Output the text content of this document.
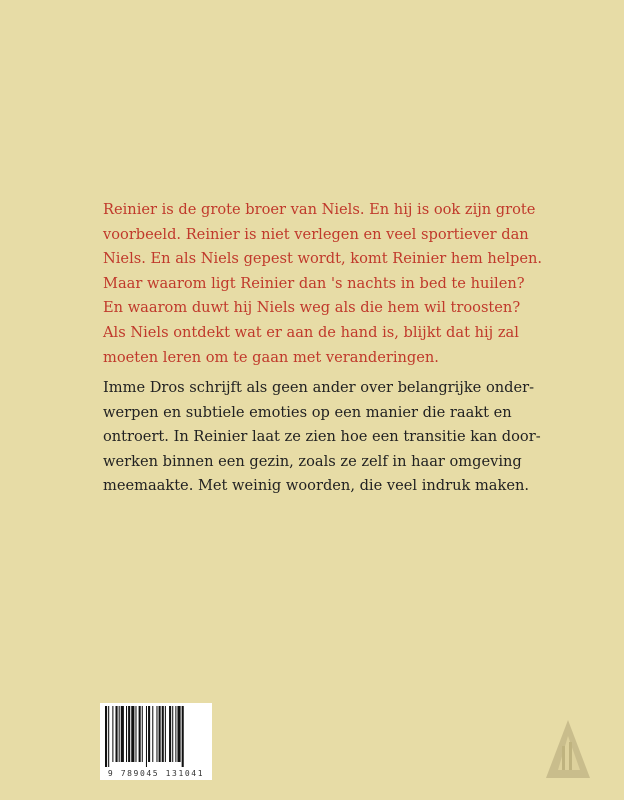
Reinier is de grote broer van Niels. En hij is ook zijn grote
voorbeeld. Reinier is niet verlegen en veel sportiever dan
Niels. En als Niels gepest wordt, komt Reinier hem helpen.
Maar waarom ligt Reinier dan 's nachts in bed te huilen?
En waarom duwt hij Niels weg als die hem wil troosten?
Als Niels ontdekt wat er aan de hand is, blijkt dat hij zal
moeten leren om te gaan met veranderingen.
Imme Dros schrijft als geen ander over belangrijke onder-
werpen en subtiele emoties op een manier die raakt en
ontroert. In Reinier laat ze zien hoe een transitie kan door-
werken binnen een gezin, zoals ze zelf in haar omgeving
meemaakte. Met weinig woorden, die veel indruk maken.
9 789045 131041
